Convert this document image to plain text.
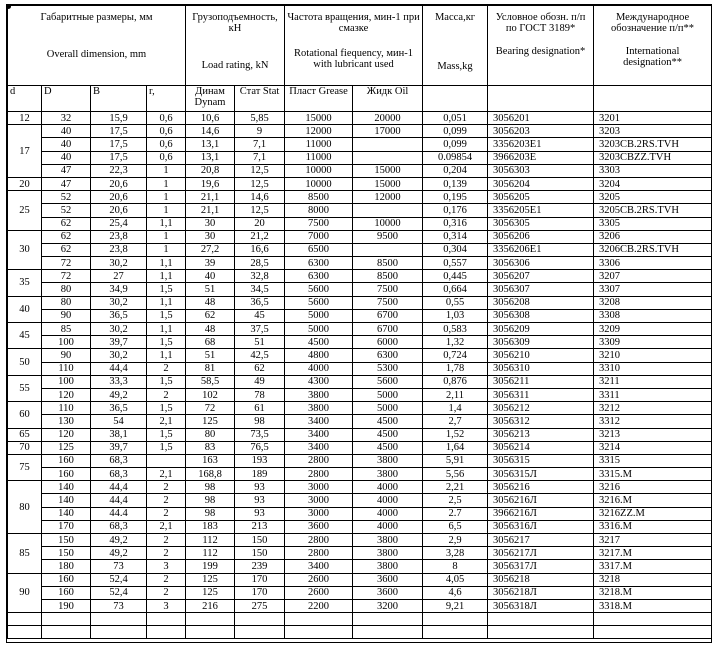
Габаритные размеры, мм
Overall dimension, mm				Грузоподъемность, кН
Load rating, kN		Частота вращения, мин-1 при смазке
Rotational fiequency, мин-1 with lubricant used		Масса,кг
Mass,kg	Условное обозн. п/п по ГОСТ 3189*
Bearing designation*	Международное обозначение п/п**
International designation**

d	D	B	r,	Динам Dynam	Стат Stat	Пласт Grease	Жидк Oil			
12	32	15,9	0,6	10,6	5,85	15000	20000	0,051	3056201	3201
17	40	17,5	0,6	14,6	9	12000	17000	0,099	3056203	3203
	40	17,5	0,6	13,1	7,1	11000		0,099	3356203E1	3203CB.2RS.TVH
	40	17,5	0,6	13,1	7,1	11000		0.09854	3966203E	3203CBZZ.TVH
	47	22,3	1	20,8	12,5	10000	15000	0,204	3056303	3303
20	47	20,6	1	19,6	12,5	10000	15000	0,139	3056204	3204
25	52	20,6	1	21,1	14,6	8500	12000	0,195	3056205	3205
	52	20,6	1	21,1	12,5	8000		0,176	3356205E1	3205CB.2RS.TVH
	62	25,4	1,1	30	20	7500	10000	0,316	3056305	3305
30	62	23,8	1	30	21,2	7000	9500	0,314	3056206	3206
	62	23,8	1	27,2	16,6	6500		0,304	3356206E1	3206CB.2RS.TVH
	72	30,2	1,1	39	28,5	6300	8500	0,557	3056306	3306
35	72	27	1,1	40	32,8	6300	8500	0,445	3056207	3207
	80	34,9	1,5	51	34,5	5600	7500	0,664	3056307	3307
40	80	30,2	1,1	48	36,5	5600	7500	0,55	3056208	3208
	90	36,5	1,5	62	45	5000	6700	1,03	3056308	3308
45	85	30,2	1,1	48	37,5	5000	6700	0,583	3056209	3209
	100	39,7	1,5	68	51	4500	6000	1,32	3056309	3309
50	90	30,2	1,1	51	42,5	4800	6300	0,724	3056210	3210
	110	44,4	2	81	62	4000	5300	1,78	3056310	3310
55	100	33,3	1,5	58,5	49	4300	5600	0,876	3056211	3211
	120	49,2	2	102	78	3800	5000	2,11	3056311	3311
60	110	36,5	1,5	72	61	3800	5000	1,4	3056212	3212
	130	54	2,1	125	98	3400	4500	2,7	3056312	3312
65	120	38,1	1,5	80	73,5	3400	4500	1,52	3056213	3213
70	125	39,7	1,5	83	76,5	3400	4500	1,64	3056214	3214
75	160	68,3		163	193	2800	3800	5,91	3056315	3315
	160	68,3	2,1	168,8	189	2800	3800	5,56	3056315Л	3315.M
80	140	44,4	2	98	93	3000	4000	2,21	3056216	3216
	140	44,4	2	98	93	3000	4000	2,5	3056216Л	3216.M
	140	44.4	2	98	93	3000	4000	2.7	3966216Л	3216ZZ.M
	170	68,3	2,1	183	213	3600	4000	6,5	3056316Л	3316.M
85	150	49,2	2	112	150	2800	3800	2,9	3056217	3217
	150	49,2	2	112	150	2800	3800	3,28	3056217Л	3217.M
	180	73	3	199	239	3400	3800	8	3056317Л	3317.M
90	160	52,4	2	125	170	2600	3600	4,05	3056218	3218
	160	52,4	2	125	170	2600	3600	4,6	3056218Л	3218.M
	190	73	3	216	275	2200	3200	9,21	3056318Л	3318.M
